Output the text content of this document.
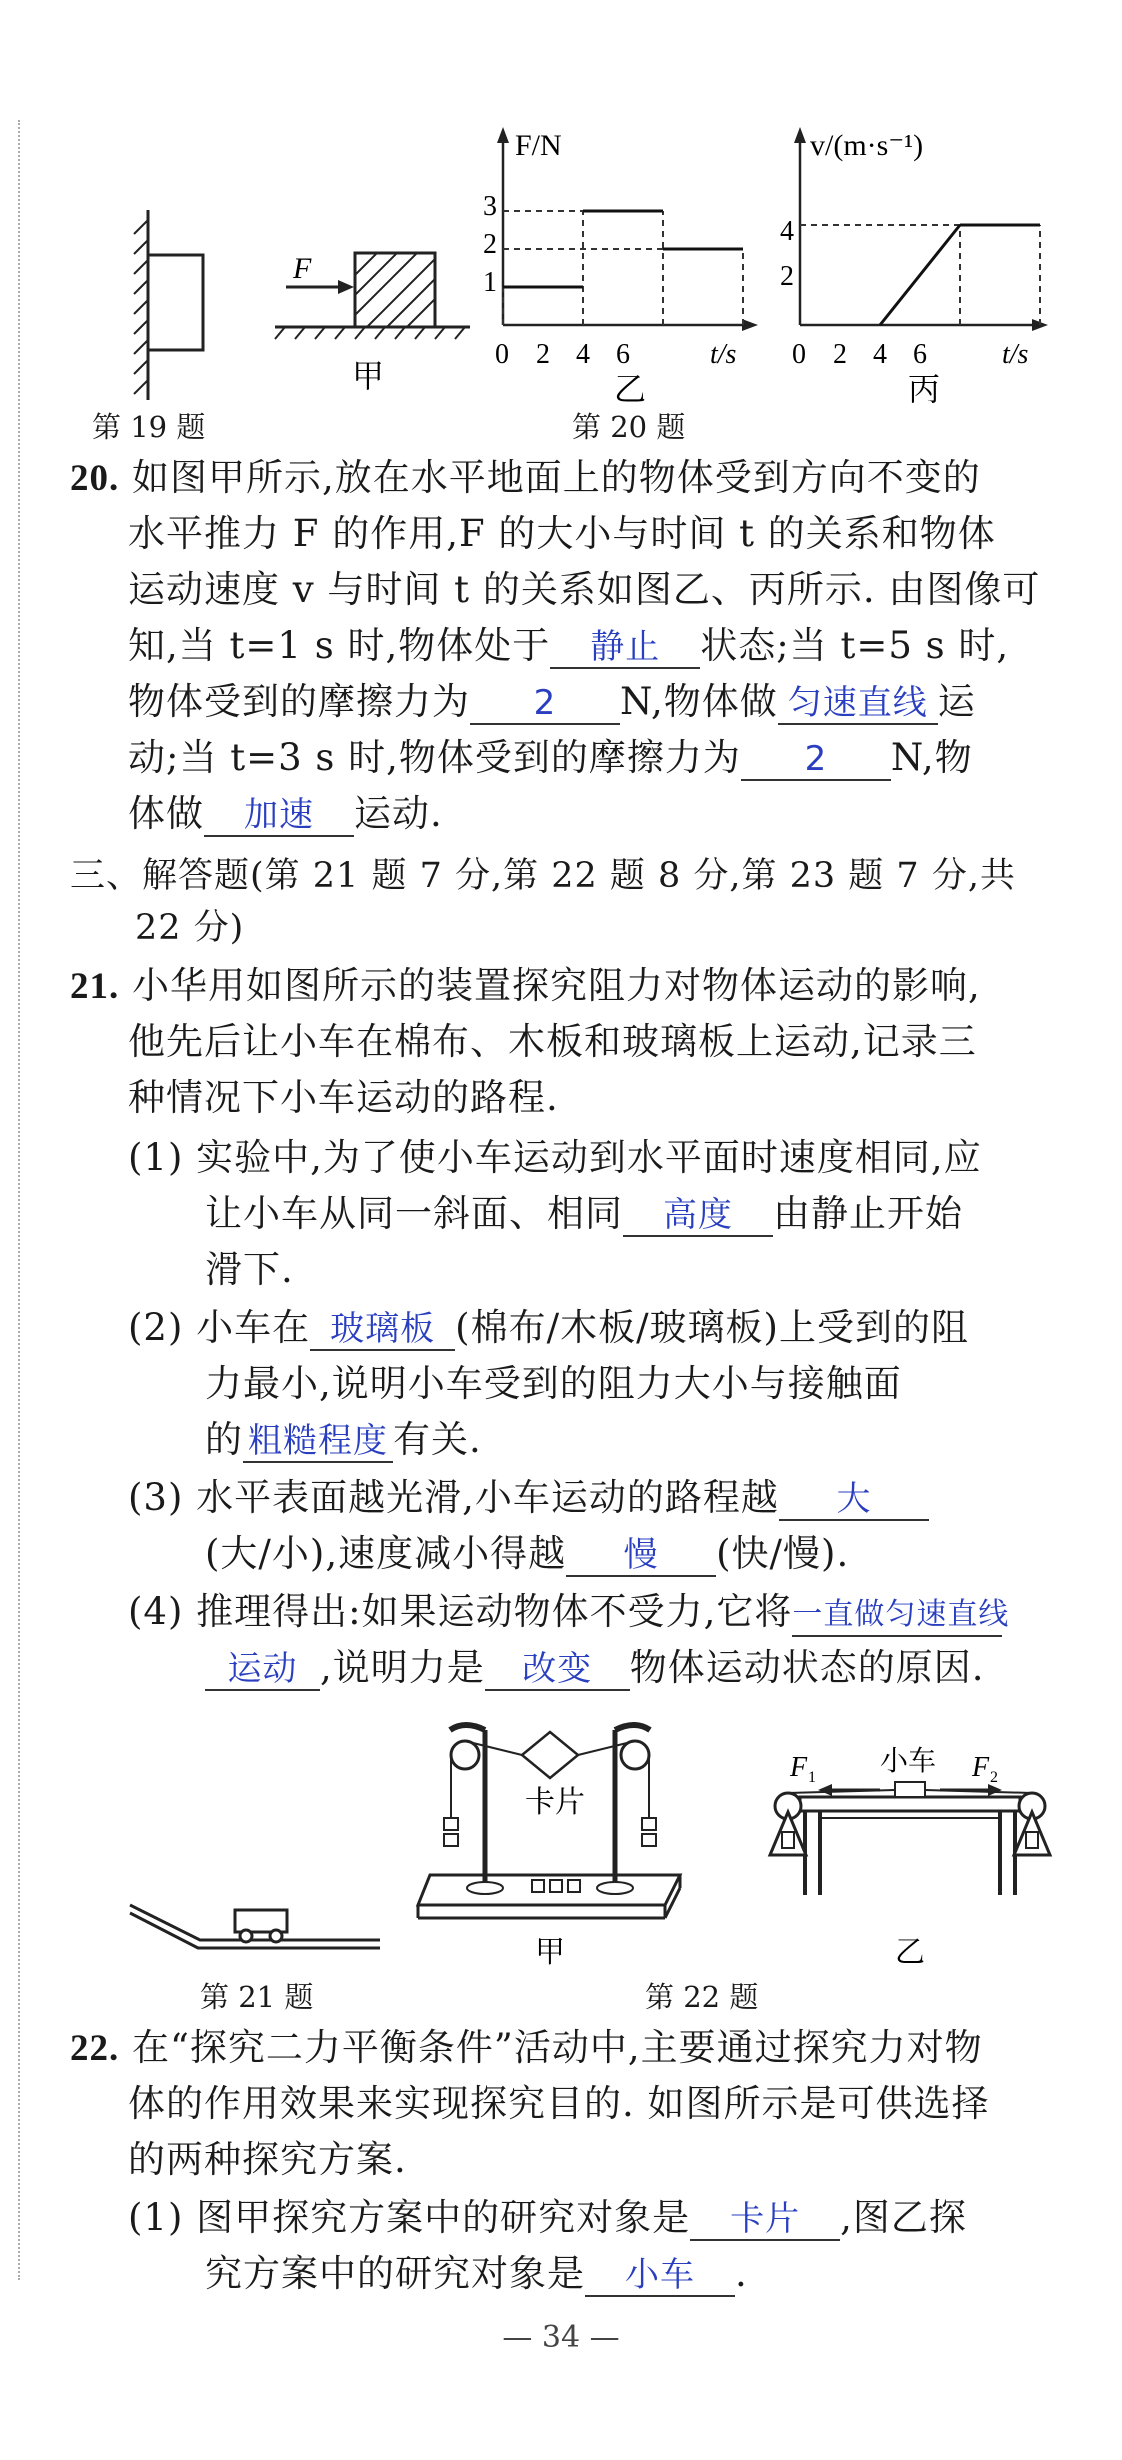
F
甲
F/N
1
2
3
0 2 4 6	t/s
乙
v/(m·s⁻¹)
2
4
0 2 4 6	t/s
丙
第 19 题	第 20 题
20. 如图甲所示,放在水平地面上的物体受到方向不变的
水平推力 F 的作用,F 的大小与时间 t 的关系和物体
运动速度 v 与时间 t 的关系如图乙、丙所示. 由图像可
知,当 t=1 s 时,物体处于 静止 状态;当 t=5 s 时,
物体受到的摩擦力为 2 N,物体做 匀速直线 运
动;当 t=3 s 时,物体受到的摩擦力为 2 N,物
体做 加速 运动.
三、解答题(第 21 题 7 分,第 22 题 8 分,第 23 题 7 分,共
22 分)
21. 小华用如图所示的装置探究阻力对物体运动的影响,
他先后让小车在棉布、木板和玻璃板上运动,记录三
种情况下小车运动的路程.
(1) 实验中,为了使小车运动到水平面时速度相同,应
让小车从同一斜面、相同 高度 由静止开始
滑下.
(2) 小车在 玻璃板 (棉布/木板/玻璃板)上受到的阻
力最小,说明小车受到的阻力大小与接触面
的 粗糙程度 有关.
(3) 水平表面越光滑,小车运动的路程越 大
(大/小),速度减小得越 慢 (快/慢).
(4) 推理得出:如果运动物体不受力,它将一直做匀速直线
运动 ,说明力是 改变 物体运动状态的原因.
卡片
甲
小车
F 1	F 2
乙
第 21 题	第 22 题
22. 在“探究二力平衡条件”活动中,主要通过探究力对物
体的作用效果来实现探究目的. 如图所示是可供选择
的两种探究方案.
(1) 图甲探究方案中的研究对象是 卡片 ,图乙探
究方案中的研究对象是 小车 .
— 34 —
